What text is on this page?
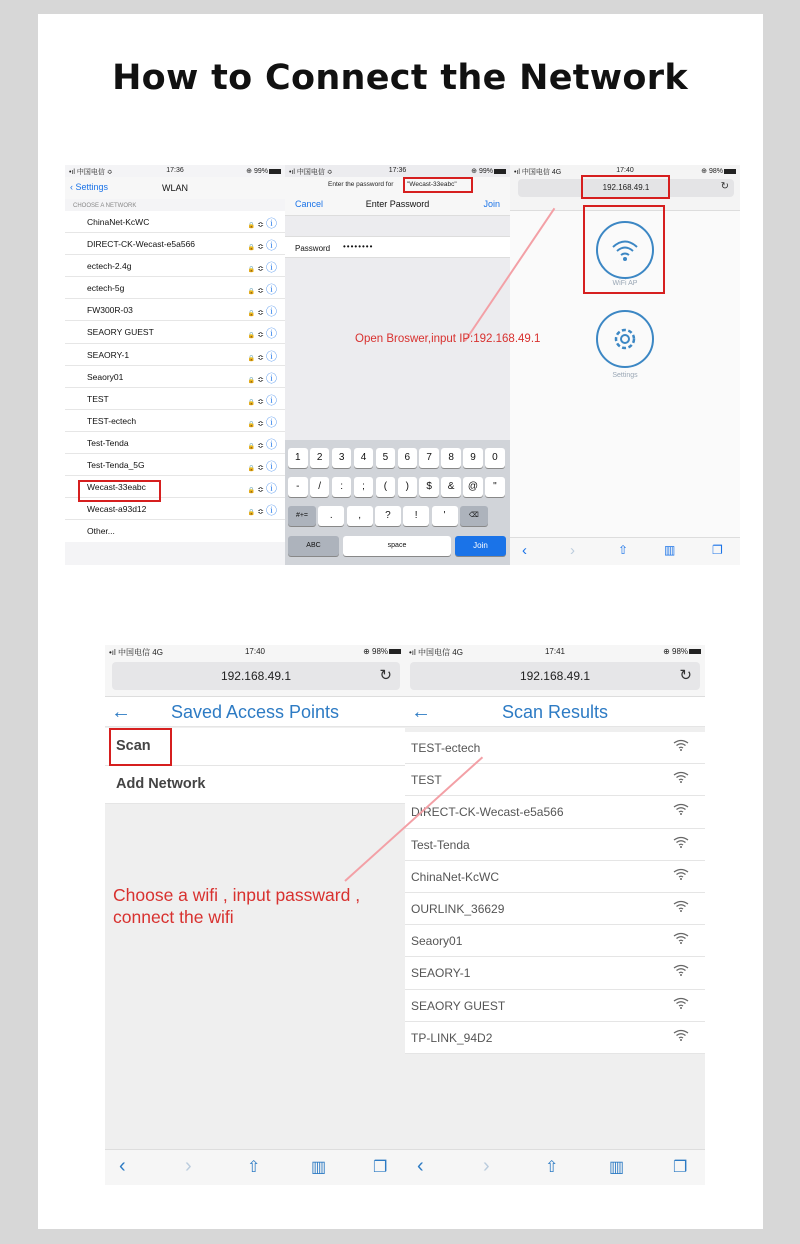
How to Connect the Network
•ıl 中国电信 ≎	17:36	⊕ 99%
‹ Settings	WLAN
CHOOSE A NETWORK
ChinaNet-KcWC	🔒≎ⓘ
DIRECT-CK-Wecast-e5a566	🔒≎ⓘ
ectech-2.4g	🔒≎ⓘ
ectech-5g	🔒≎ⓘ
FW300R-03	🔒≎ⓘ
SEAORY GUEST	🔒≎ⓘ
SEAORY-1	🔒≎ⓘ
Seaory01	🔒≎ⓘ
TEST	🔒≎ⓘ
TEST-ectech	🔒≎ⓘ
Test-Tenda	🔒≎ⓘ
Test-Tenda_5G	🔒≎ⓘ
Wecast-33eabc	🔒≎ⓘ
Wecast-a93d12	🔒≎ⓘ
Other...
•ıl 中国电信 ≎	17:36	⊕ 99%
Enter the password for "Wecast-33eabc"
Cancel	Enter Password	Join
Password ••••••••
1	2	3	4	5	6	7	8	9	0
-	/	:	;	(	)	$	&	@	"
#+=	.	,	?	!	'	⌫
ABC	space	Join
•ıl 中国电信 4G	17:40	⊕ 98%
192.168.49.1	↻
WiFi AP
Settings
‹	›	⇧	▥	❐
Open Broswer,input IP:192.168.49.1
•ıl 中国电信 4G	17:40	⊕ 98%
192.168.49.1	↻
←	Saved Access Points
Scan
Add Network
‹	›	⇧	▥	❐
•ıl 中国电信 4G	17:41	⊕ 98%
192.168.49.1	↻
←	Scan Results
TEST-ectech
TEST
DIRECT-CK-Wecast-e5a566
Test-Tenda
ChinaNet-KcWC
OURLINK_36629
Seaory01
SEAORY-1
SEAORY GUEST
TP-LINK_94D2
‹	›	⇧	▥	❐
Choose a wifi , input passward ,
connect the wifi
